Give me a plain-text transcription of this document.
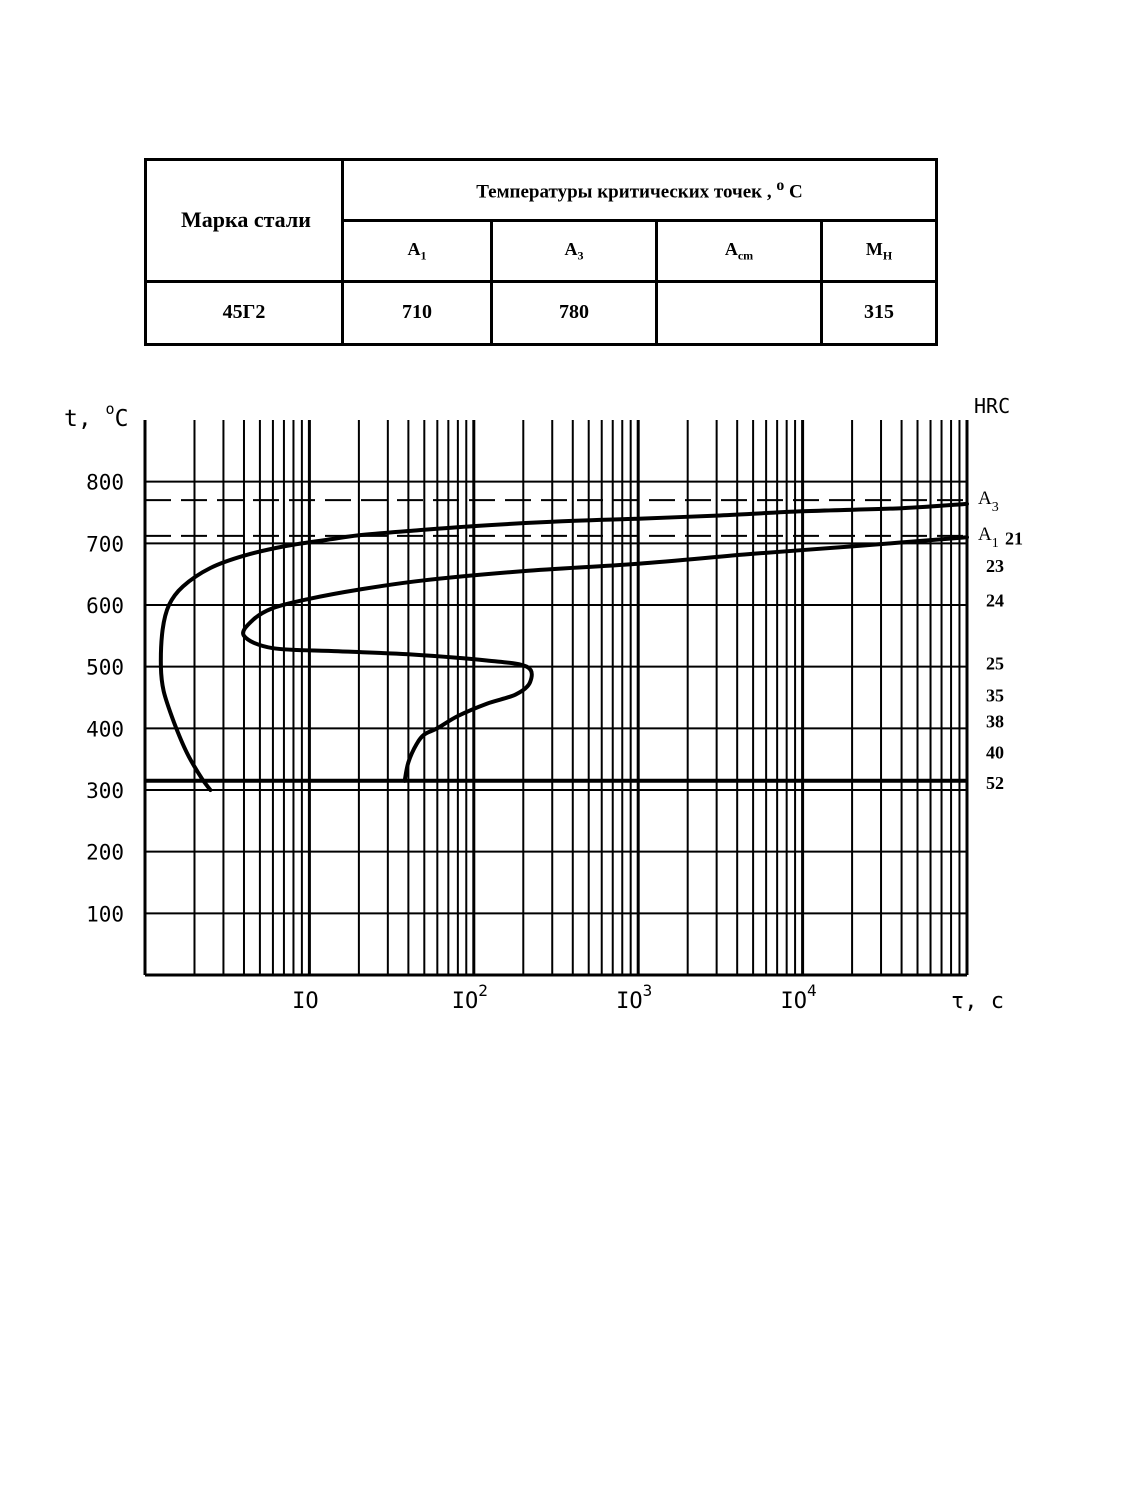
Марка стали	Температуры критических точек , $^o$ С			
	$A_1$	$A_3$	$A_{cm}$	$M_H$
45Г2	710	780		315
100
200
300
400
500
600
700
800
IO	$IO^2$	$IO^3$	$IO^4$
t, $^o$C
τ, с
HRC
$A_3$
$A_1$ 21
23
24
25
35
38
40
52
